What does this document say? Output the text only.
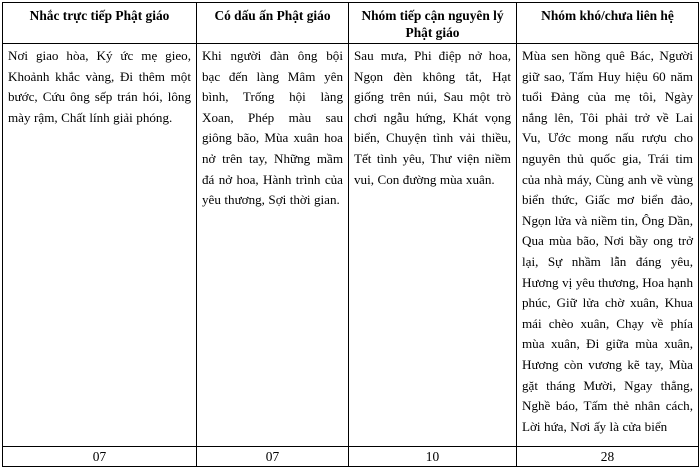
Nhắc trực tiếp Phật giáo	Có dấu ấn Phật giáo	Nhóm tiếp cận nguyên lý Phật giáo	Nhóm khó/chưa liên hệ
Nơi giao hòa, Ký ức mẹ gieo, Khoảnh khắc vàng, Đi thêm một bước, Cứu ông sếp trán hói, lông mày rậm, Chất lính giải phóng.	Khi người đàn ông bội bạc đến làng Mâm yên bình, Trống hội làng Xoan, Phép màu sau giông bão, Mùa xuân hoa nở trên tay, Những mầm đá nở hoa, Hành trình của yêu thương, Sợi thời gian.	Sau mưa, Phi điệp nở hoa, Ngọn đèn không tắt, Hạt giống trên núi, Sau một trò chơi ngẫu hứng, Khát vọng biển, Chuyện tình vải thiều, Tết tình yêu, Thư viện niềm vui, Con đường mùa xuân.	Mùa sen hồng quê Bác, Người giữ sao, Tấm Huy hiệu 60 năm tuổi Đảng của mẹ tôi, Ngày nắng lên, Tôi phải trở về Lai Vu, Ước mong nấu rượu cho nguyên thủ quốc gia, Trái tim của nhà máy, Cùng anh về vùng biển thức, Giấc mơ biển đảo, Ngọn lửa và niềm tin, Ông Dần, Qua mùa bão, Nơi bầy ong trở lại, Sự nhầm lẫn đáng yêu, Hương vị yêu thương, Hoa hạnh phúc, Giữ lửa chờ xuân, Khua mái chèo xuân, Chạy về phía mùa xuân, Đi giữa mùa xuân, Hương còn vương kẽ tay, Mùa gặt tháng Mười, Ngay thẳng, Nghề báo, Tấm thẻ nhân cách, Lời hứa, Nơi ấy là cửa biển
07	07	10	28
